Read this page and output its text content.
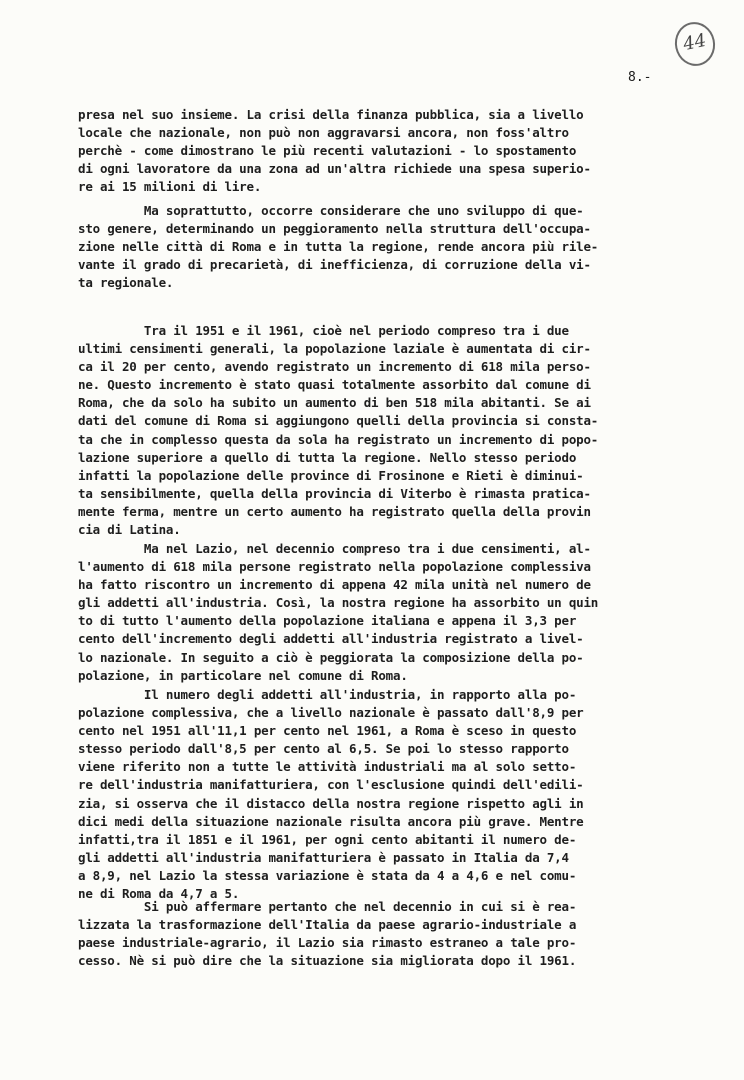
44
8.-
presa nel suo insieme. La crisi della finanza pubblica, sia a livello
locale che nazionale, non può non aggravarsi ancora, non foss'altro
perchè - come dimostrano le più recenti valutazioni - lo spostamento
di ogni lavoratore da una zona ad un'altra richiede una spesa superio-
re ai 15 milioni di lire.
Ma soprattutto, occorre considerare che uno sviluppo di que-
sto genere, determinando un peggioramento nella struttura dell'occupa-
zione nelle città di Roma e in tutta la regione, rende ancora più rile-
vante il grado di precarietà, di inefficienza, di corruzione della vi-
ta regionale.
Tra il 1951 e il 1961, cioè nel periodo compreso tra i due
ultimi censimenti generali, la popolazione laziale è aumentata di cir-
ca il 20 per cento, avendo registrato un incremento di 618 mila perso-
ne. Questo incremento è stato quasi totalmente assorbito dal comune di
Roma, che da solo ha subito un aumento di ben 518 mila abitanti. Se ai
dati del comune di Roma si aggiungono quelli della provincia si consta-
ta che in complesso questa da sola ha registrato un incremento di popo-
lazione superiore a quello di tutta la regione. Nello stesso periodo
infatti la popolazione delle province di Frosinone e Rieti è diminui-
ta sensibilmente, quella della provincia di Viterbo è rimasta pratica-
mente ferma, mentre un certo aumento ha registrato quella della provin
cia di Latina.
Ma nel Lazio, nel decennio compreso tra i due censimenti, al-
l'aumento di 618 mila persone registrato nella popolazione complessiva
ha fatto riscontro un incremento di appena 42 mila unità nel numero de
gli addetti all'industria. Così, la nostra regione ha assorbito un quin
to di tutto l'aumento della popolazione italiana e appena il 3,3 per
cento dell'incremento degli addetti all'industria registrato a livel-
lo nazionale. In seguito a ciò è peggiorata la composizione della po-
polazione, in particolare nel comune di Roma.
Il numero degli addetti all'industria, in rapporto alla po-
polazione complessiva, che a livello nazionale è passato dall'8,9 per
cento nel 1951 all'11,1 per cento nel 1961, a Roma è sceso in questo
stesso periodo dall'8,5 per cento al 6,5. Se poi lo stesso rapporto
viene riferito non a tutte le attività industriali ma al solo setto-
re dell'industria manifatturiera, con l'esclusione quindi dell'edili-
zia, si osserva che il distacco della nostra regione rispetto agli in
dici medi della situazione nazionale risulta ancora più grave. Mentre
infatti,tra il 1851 e il 1961, per ogni cento abitanti il numero de-
gli addetti all'industria manifatturiera è passato in Italia da 7,4
a 8,9, nel Lazio la stessa variazione è stata da 4 a 4,6 e nel comu-
ne di Roma da 4,7 a 5.
Si può affermare pertanto che nel decennio in cui si è rea-
lizzata la trasformazione dell'Italia da paese agrario-industriale a
paese industriale-agrario, il Lazio sia rimasto estraneo a tale pro-
cesso. Nè si può dire che la situazione sia migliorata dopo il 1961.
